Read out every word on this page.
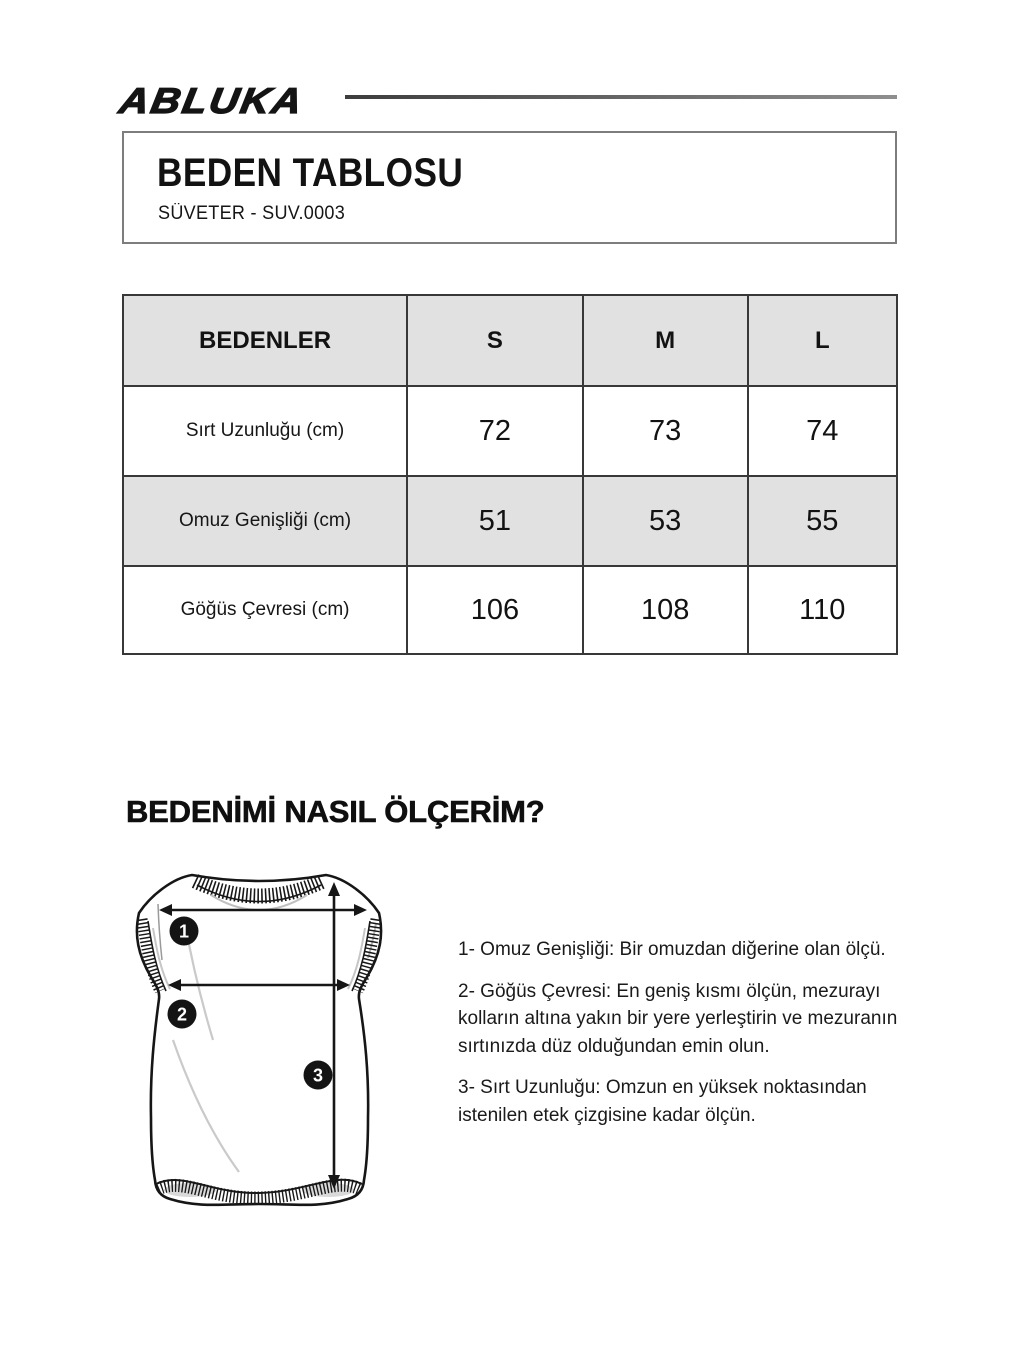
ABLUKA
BEDEN TABLOSU
SÜVETER - SUV.0003
BEDENLER	S	M	L
Sırt Uzunluğu (cm)	72	73	74
Omuz Genişliği (cm)	51	53	55
Göğüs Çevresi (cm)	106	108	110
BEDENİMİ NASIL ÖLÇERİM?
1
2
3

1- Omuz Genişliği: Bir omuzdan diğerine olan ölçü.

2- Göğüs Çevresi: En geniş kısmı ölçün, mezurayı kolların altına yakın bir yere yerleştirin ve mezuranın sırtınızda düz olduğundan emin olun.

3- Sırt Uzunluğu: Omzun en yüksek noktasından istenilen etek çizgisine kadar ölçün.
